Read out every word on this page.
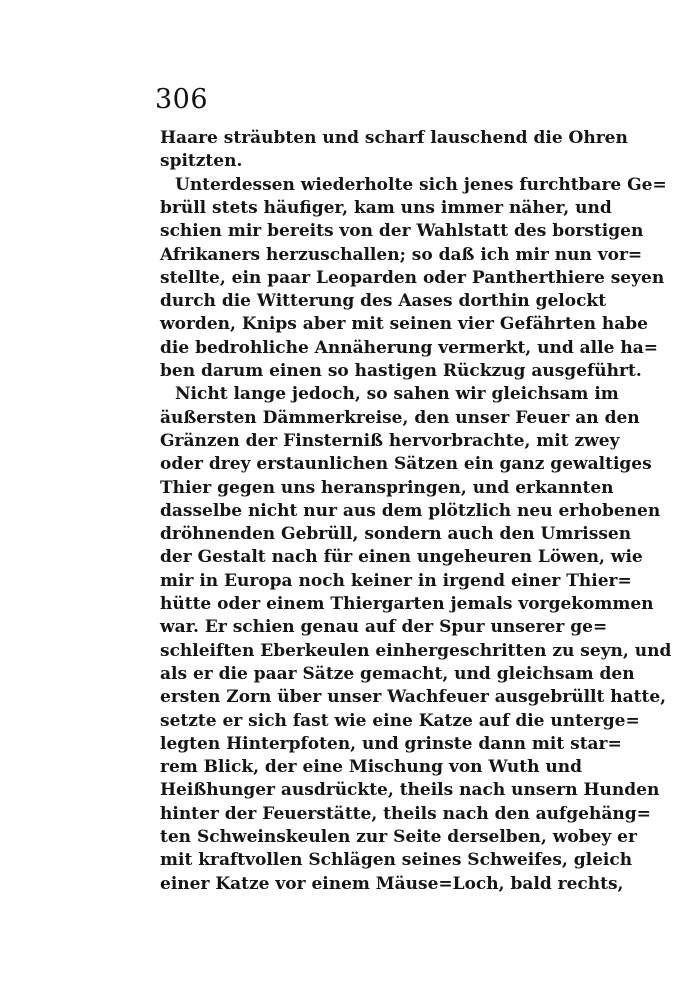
306
Haare sträubten und scharf lauschend die Ohren
spitzten.
Unterdessen wiederholte sich jenes furchtbare Ge=
brüll stets häufiger, kam uns immer näher, und
schien mir bereits von der Wahlstatt des borstigen
Afrikaners herzuschallen; so daß ich mir nun vor=
stellte, ein paar Leoparden oder Pantherthiere seyen
durch die Witterung des Aases dorthin gelockt
worden, Knips aber mit seinen vier Gefährten habe
die bedrohliche Annäherung vermerkt, und alle ha=
ben darum einen so hastigen Rückzug ausgeführt.
Nicht lange jedoch, so sahen wir gleichsam im
äußersten Dämmerkreise, den unser Feuer an den
Gränzen der Finsterniß hervorbrachte, mit zwey
oder drey erstaunlichen Sätzen ein ganz gewaltiges
Thier gegen uns heranspringen, und erkannten
dasselbe nicht nur aus dem plötzlich neu erhobenen
dröhnenden Gebrüll, sondern auch den Umrissen
der Gestalt nach für einen ungeheuren Löwen, wie
mir in Europa noch keiner in irgend einer Thier=
hütte oder einem Thiergarten jemals vorgekommen
war. Er schien genau auf der Spur unserer ge=
schleiften Eberkeulen einhergeschritten zu seyn, und
als er die paar Sätze gemacht, und gleichsam den
ersten Zorn über unser Wachfeuer ausgebrüllt hatte,
setzte er sich fast wie eine Katze auf die unterge=
legten Hinterpfoten, und grinste dann mit star=
rem Blick, der eine Mischung von Wuth und
Heißhunger ausdrückte, theils nach unsern Hunden
hinter der Feuerstätte, theils nach den aufgehäng=
ten Schweinskeulen zur Seite derselben, wobey er
mit kraftvollen Schlägen seines Schweifes, gleich
einer Katze vor einem Mäuse=Loch, bald rechts,
